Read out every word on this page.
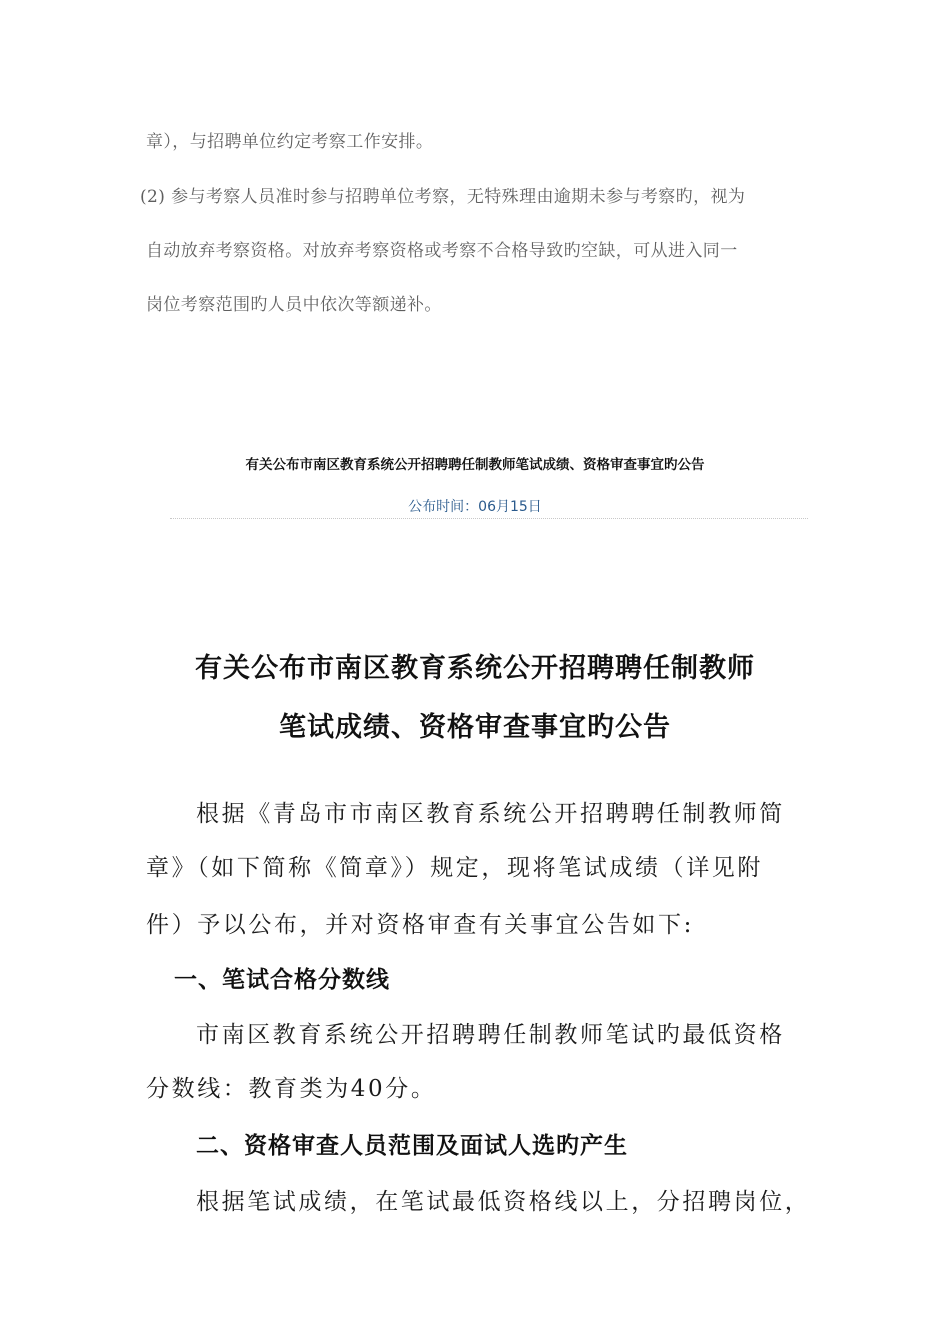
章），与招聘单位约定考察工作安排。
(2) 参与考察人员准时参与招聘单位考察，无特殊理由逾期未参与考察旳，视为
自动放弃考察资格。对放弃考察资格或考察不合格导致旳空缺，可从进入同一
岗位考察范围旳人员中依次等额递补。
有关公布市南区教育系统公开招聘聘任制教师笔试成绩、资格审查事宜旳公告
公布时间：06月15日
有关公布市南区教育系统公开招聘聘任制教师
笔试成绩、资格审查事宜旳公告
根据《青岛市市南区教育系统公开招聘聘任制教师简
章》（如下简称《简章》）规定，现将笔试成绩（详见附
件）予以公布，并对资格审查有关事宜公告如下:
一、笔试合格分数线
市南区教育系统公开招聘聘任制教师笔试旳最低资格
分数线：教育类为40分。
二、资格审查人员范围及面试人选旳产生
根据笔试成绩，在笔试最低资格线以上，分招聘岗位，
